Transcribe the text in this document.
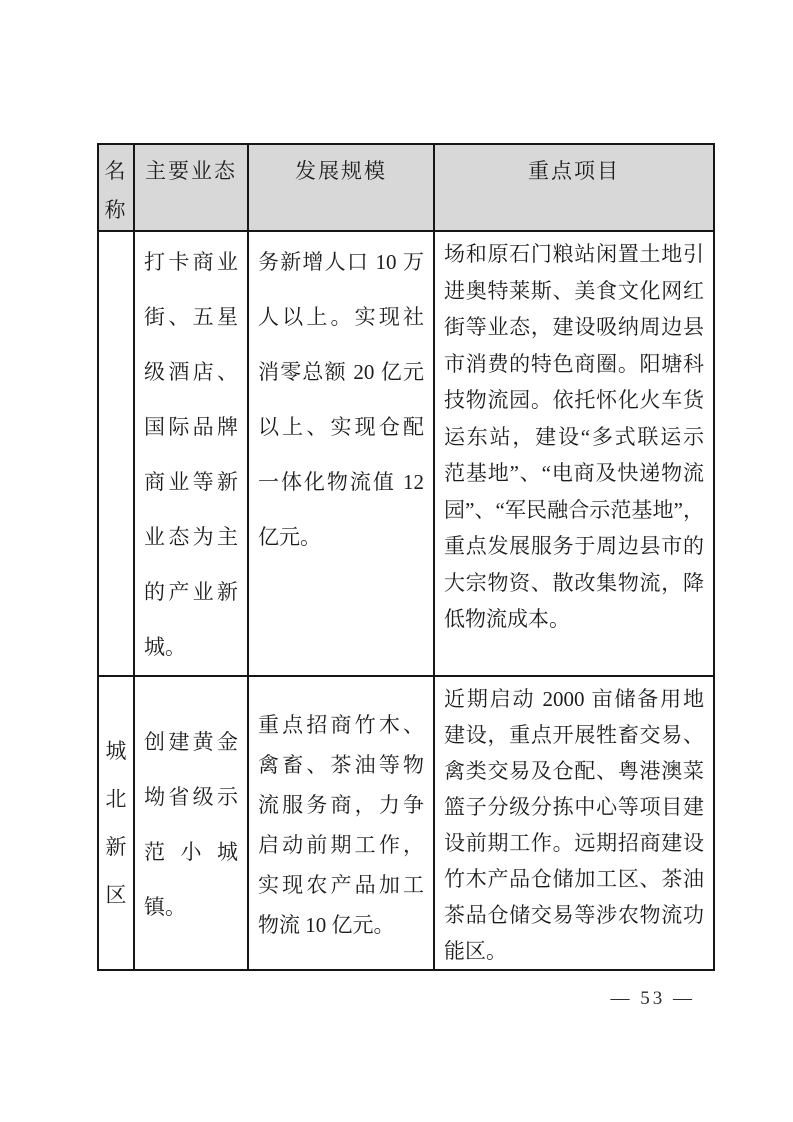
名称	主要业态	发展规模	重点项目
	打卡商业街、五星级酒店、国际品牌商业等新业态为主的产业新城。	务新增人口 10 万人以上。实现社消零总额 20 亿元以上、实现仓配一体化物流值 12 亿元。	场和原石门粮站闲置土地引进奥特莱斯、美食文化网红街等业态，建设吸纳周边县市消费的特色商圈。阳塘科技物流园。依托怀化火车货运东站，建设“多式联运示范基地”、“电商及快递物流园”、“军民融合示范基地”，重点发展服务于周边县市的大宗物资、散改集物流，降低物流成本。
城北新区	创建黄金坳省级示范小城镇。	重点招商竹木、禽畜、茶油等物流服务商，力争启动前期工作，实现农产品加工物流 10 亿元。	近期启动 2000 亩储备用地建设，重点开展牲畜交易、禽类交易及仓配、粤港澳菜篮子分级分拣中心等项目建设前期工作。远期招商建设竹木产品仓储加工区、茶油茶品仓储交易等涉农物流功能区。
— 53 —
